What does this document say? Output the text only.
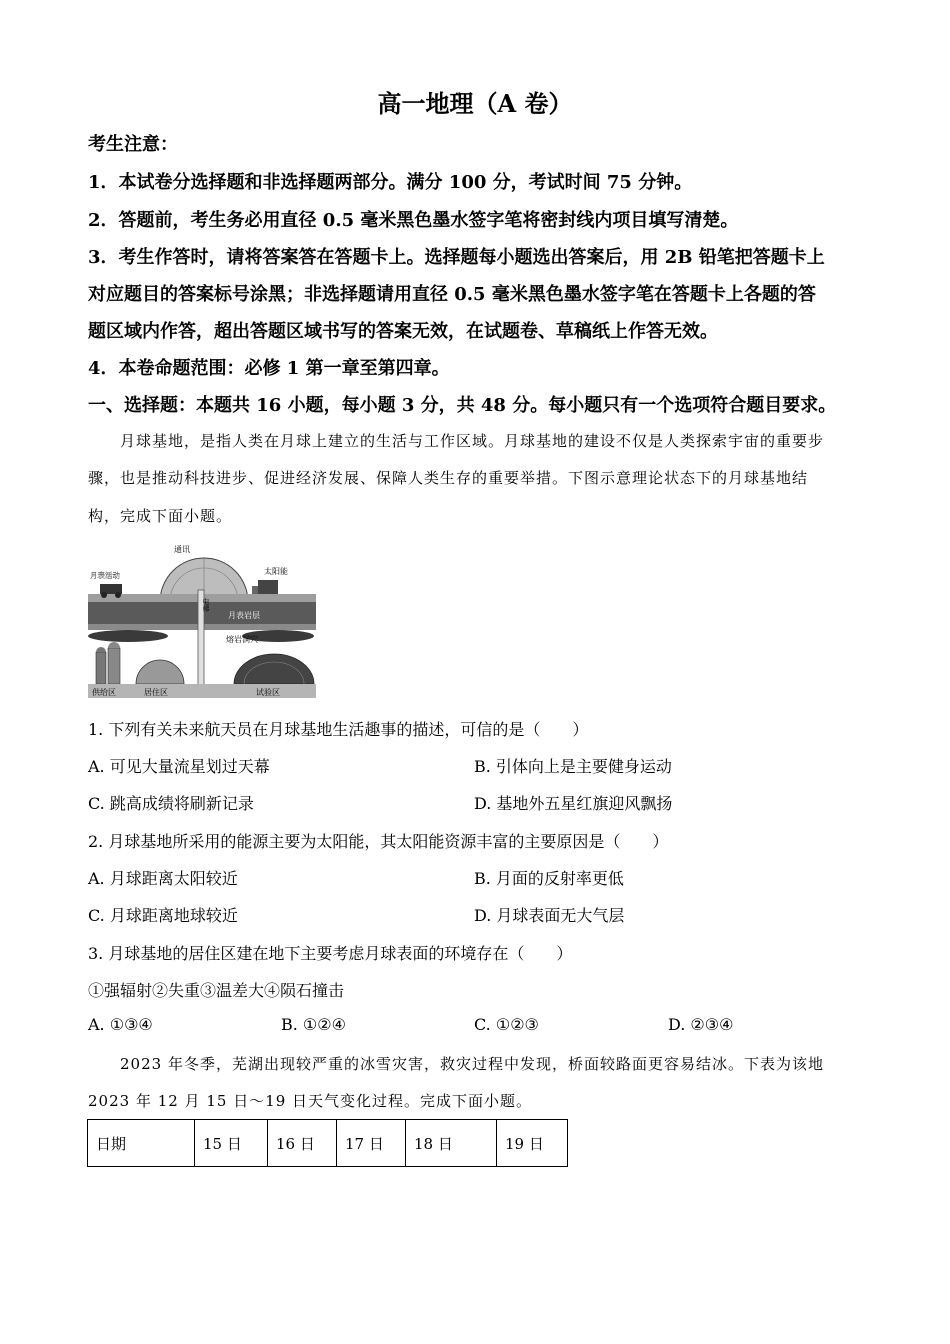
高一地理（A 卷）
考生注意：
1．本试卷分选择题和非选择题两部分。满分 100 分，考试时间 75 分钟。
2．答题前，考生务必用直径 0.5 毫米黑色墨水签字笔将密封线内项目填写清楚。
3．考生作答时，请将答案答在答题卡上。选择题每小题选出答案后，用 2B 铅笔把答题卡上
对应题目的答案标号涂黑；非选择题请用直径 0.5 毫米黑色墨水签字笔在答题卡上各题的答
题区域内作答，超出答题区域书写的答案无效，在试题卷、草稿纸上作答无效。
4．本卷命题范围：必修 1 第一章至第四章。
一、选择题：本题共 16 小题，每小题 3 分，共 48 分。每小题只有一个选项符合题目要求。
月球基地，是指人类在月球上建立的生活与工作区域。月球基地的建设不仅是人类探索宇宙的重要步
骤，也是推动科技进步、促进经济发展、保障人类生存的重要举措。下图示意理论状态下的月球基地结
构，完成下面小题。
通讯
月表活动	太阳能
电梯
月表岩层
熔岩洞穴
供给区	居住区	试验区
1. 下列有关未来航天员在月球基地生活趣事的描述，可信的是（　　）
A. 可见大量流星划过天幕	B. 引体向上是主要健身运动
C. 跳高成绩将刷新记录	D. 基地外五星红旗迎风飘扬
2. 月球基地所采用的能源主要为太阳能，其太阳能资源丰富的主要原因是（　　）
A. 月球距离太阳较近	B. 月面的反射率更低
C. 月球距离地球较近	D. 月球表面无大气层
3. 月球基地的居住区建在地下主要考虑月球表面的环境存在（　　）
①强辐射②失重③温差大④陨石撞击
A. ①③④	B. ①②④	C. ①②③	D. ②③④
2023 年冬季，芜湖出现较严重的冰雪灾害，救灾过程中发现，桥面较路面更容易结冰。下表为该地
2023 年 12 月 15 日～19 日天气变化过程。完成下面小题。
日期	15 日	16 日	17 日	18 日	19 日
